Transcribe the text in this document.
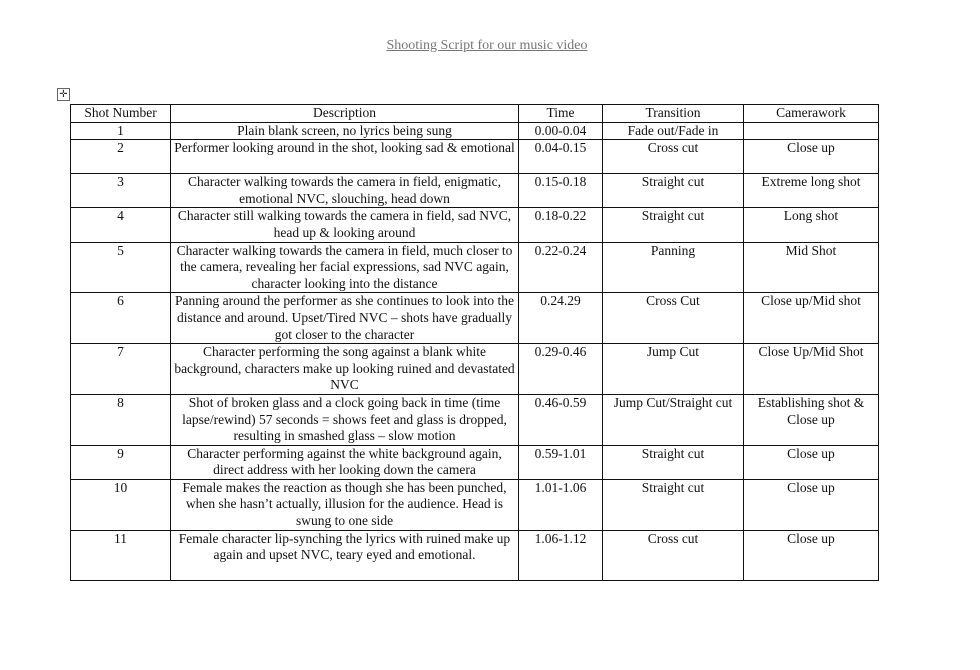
Shooting Script for our music video
✛
Shot Number	Description	Time	Transition	Camerawork
1	Plain blank screen, no lyrics being sung	0.00-0.04	Fade out/Fade in	
2	Performer looking around in the shot, looking sad & emotional	0.04-0.15	Cross cut	Close up
3	Character walking towards the camera in field, enigmatic, emotional NVC, slouching, head down	0.15-0.18	Straight cut	Extreme long shot
4	Character still walking towards the camera in field, sad NVC, head up & looking around	0.18-0.22	Straight cut	Long shot
5	Character walking towards the camera in field, much closer to the camera, revealing her facial expressions, sad NVC again, character looking into the distance	0.22-0.24	Panning	Mid Shot
6	Panning around the performer as she continues to look into the distance and around. Upset/Tired NVC – shots have gradually got closer to the character	0.24.29	Cross Cut	Close up/Mid shot
7	Character performing the song against a blank white background, characters make up looking ruined and devastated NVC	0.29-0.46	Jump Cut	Close Up/Mid Shot
8	Shot of broken glass and a clock going back in time (time lapse/rewind) 57 seconds = shows feet and glass is dropped, resulting in smashed glass – slow motion	0.46-0.59	Jump Cut/Straight cut	Establishing shot & Close up
9	Character performing against the white background again, direct address with her looking down the camera	0.59-1.01	Straight cut	Close up
10	Female makes the reaction as though she has been punched, when she hasn’t actually, illusion for the audience. Head is swung to one side	1.01-1.06	Straight cut	Close up
11	Female character lip-synching the lyrics with ruined make up again and upset NVC, teary eyed and emotional.	1.06-1.12	Cross cut	Close up
